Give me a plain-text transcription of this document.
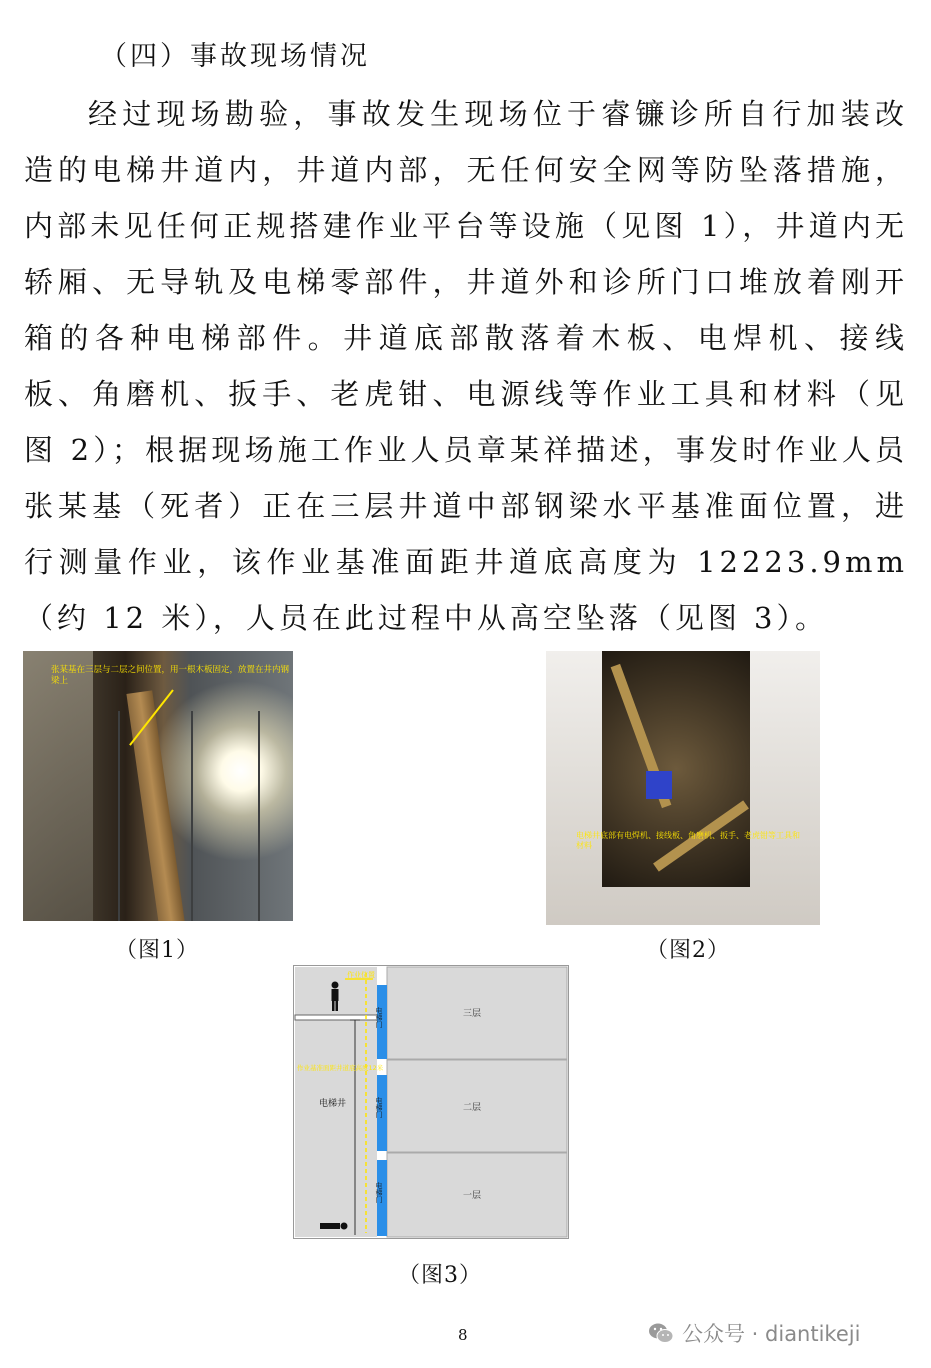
（四）事故现场情况

经过现场勘验，事故发生现场位于睿镰诊所自行加装改造的电梯井道内，井道内部，无任何安全网等防坠落措施，内部未见任何正规搭建作业平台等设施（见图 1），井道内无轿厢、无导轨及电梯零部件，井道外和诊所门口堆放着刚开箱的各种电梯部件。井道底部散落着木板、电焊机、接线板、角磨机、扳手、老虎钳、电源线等作业工具和材料（见图 2）；根据现场施工作业人员章某祥描述，事发时作业人员张某基（死者）正在三层井道中部钢梁水平基准面位置，进行测量作业，该作业基准面距井道底高度为 12223.9mm（约 12 米），人员在此过程中从高空坠落（见图 3）。

张某基在三层与二层之间位置，用一根木板固定，放置在井内钢梁上
（图1）
电梯井底部有电焊机、接线板、角磨机、扳手、老虎钳等工具和材料
（图2）
作业位置
作业基准面距井道底高度12米
电梯井
电梯门
电梯门
电梯门
三层
二层
一层
（图3）
8	公众号 · diantikeji
